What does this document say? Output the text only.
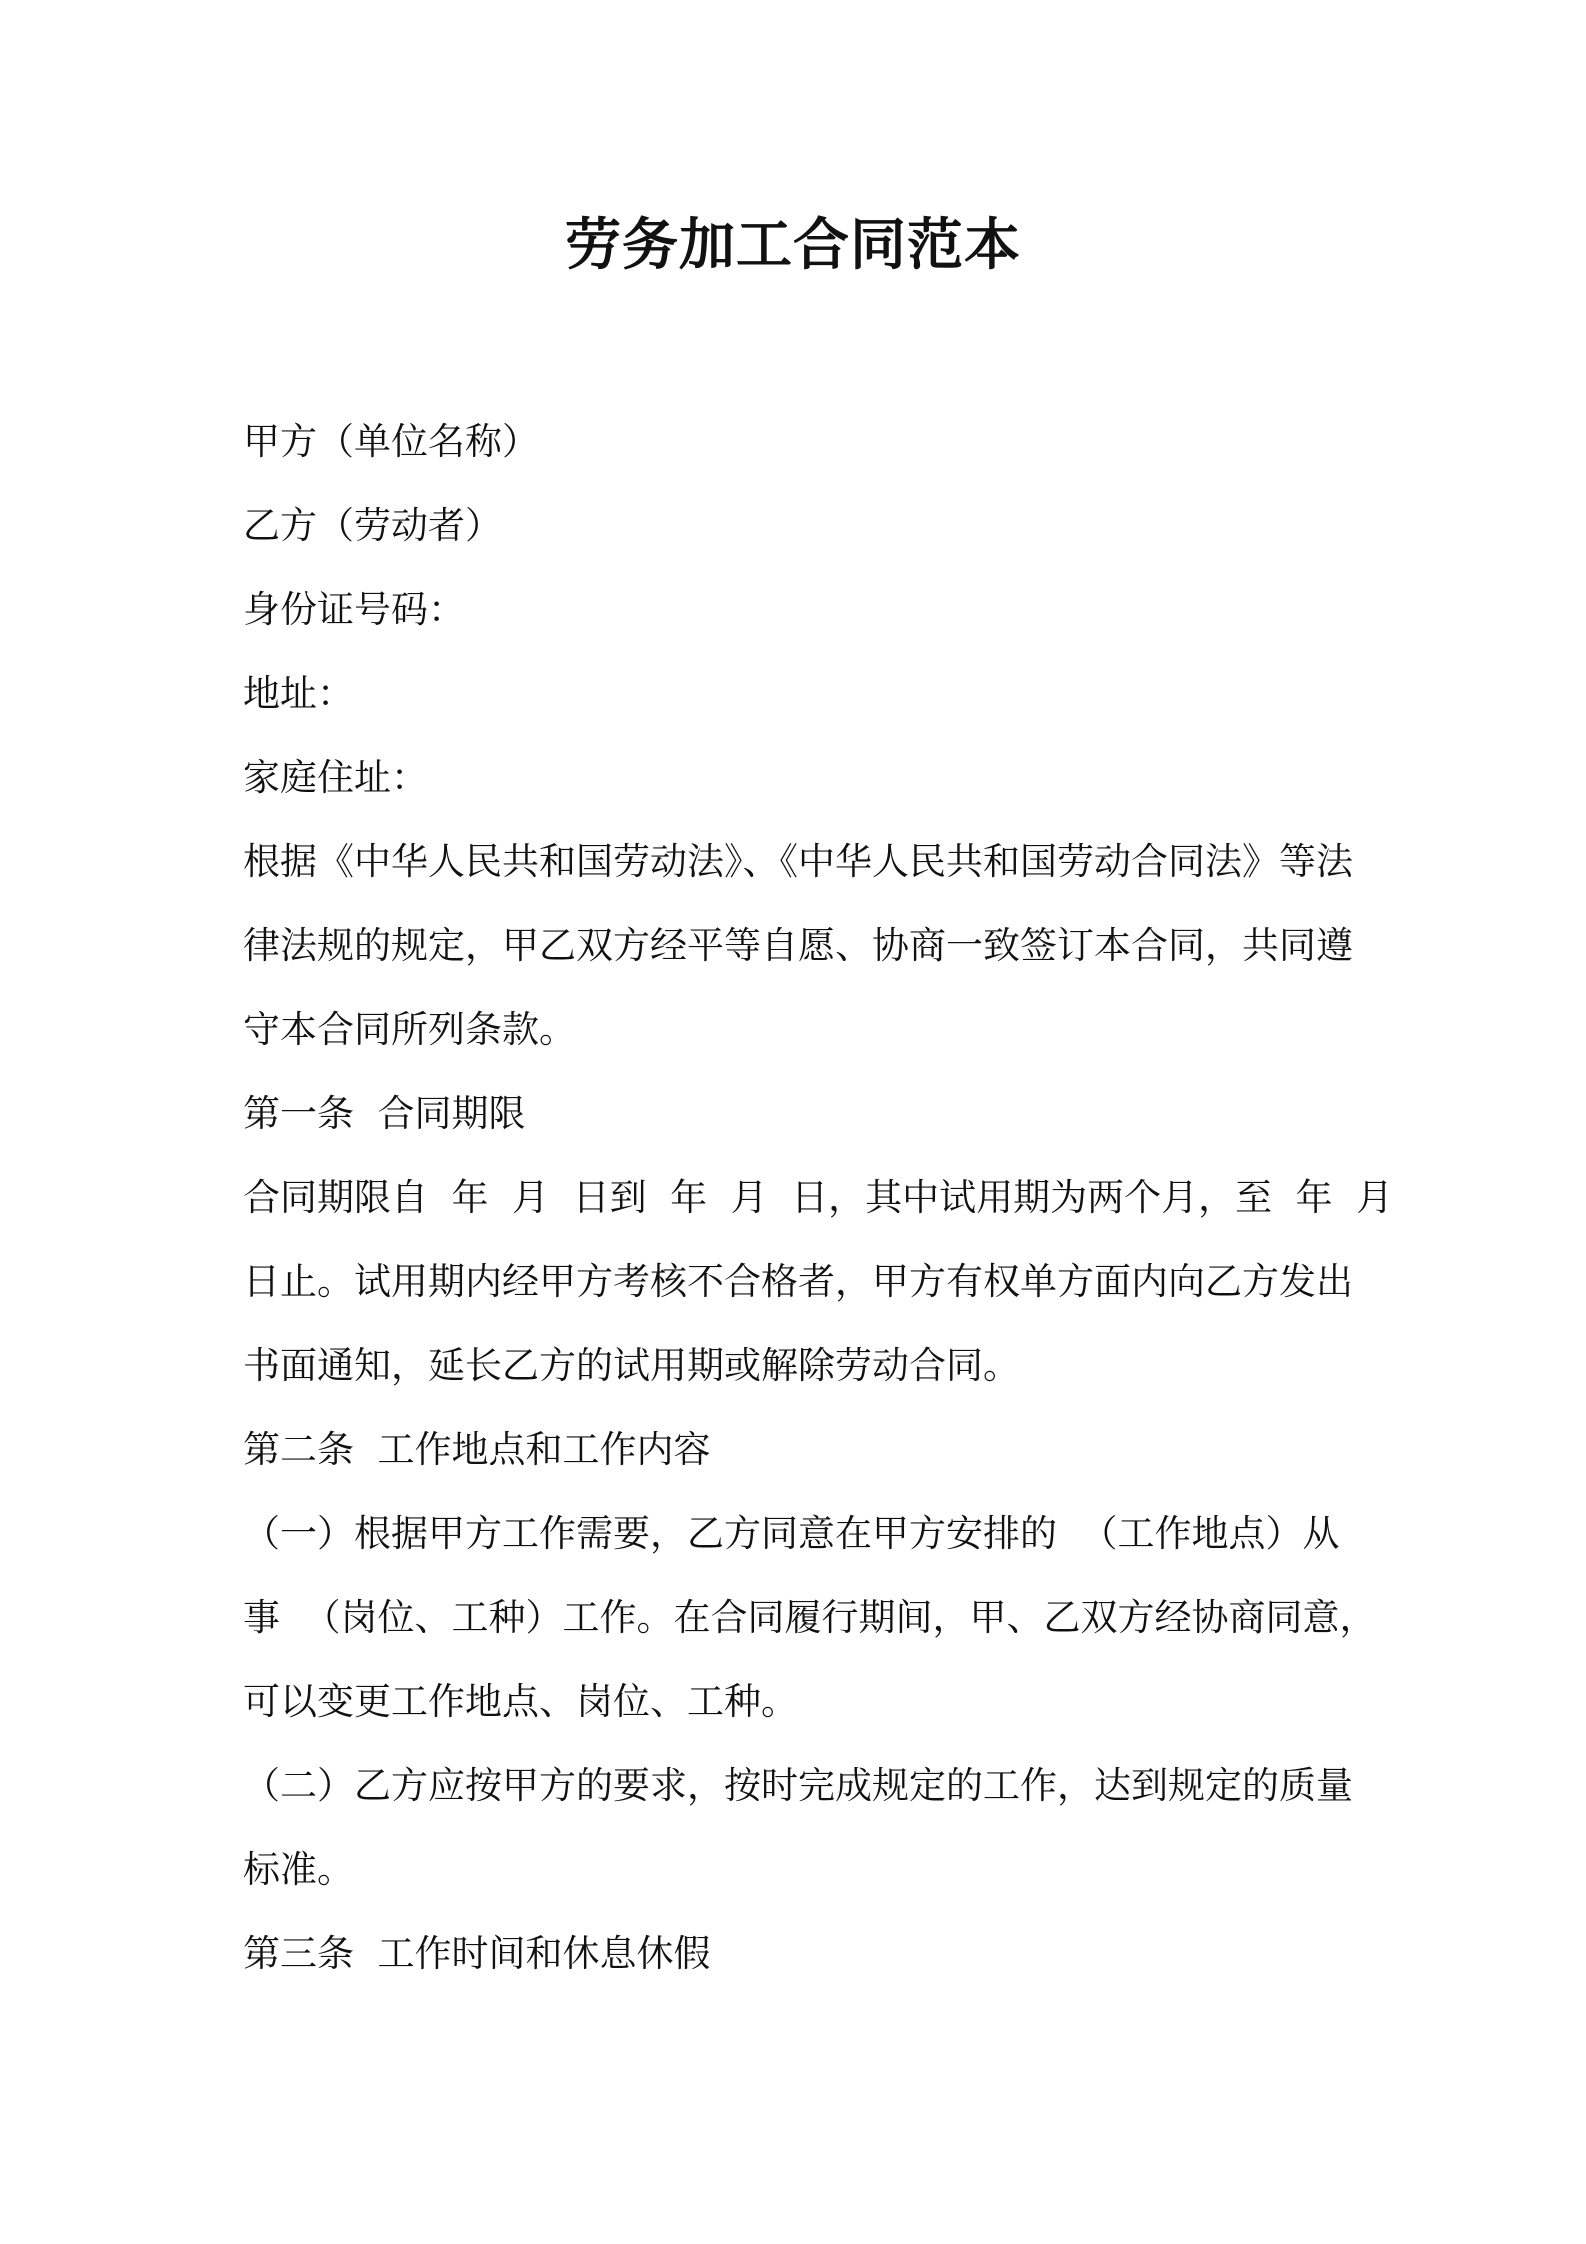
劳务加工合同范本

甲方（单位名称）

乙方（劳动者）

身份证号码：

地址：

家庭住址：

根据《中华人民共和国劳动法》、《中华人民共和国劳动合同法》等法

律法规的规定，甲乙双方经平等自愿、协商一致签订本合同，共同遵

守本合同所列条款。

第一条  合同期限

合同期限自  年  月  日到  年  月  日，其中试用期为两个月，至  年  月

日止。试用期内经甲方考核不合格者，甲方有权单方面内向乙方发出

书面通知，延长乙方的试用期或解除劳动合同。

第二条  工作地点和工作内容

（一）根据甲方工作需要，乙方同意在甲方安排的  （工作地点）从

事  （岗位、工种）工作。在合同履行期间，甲、乙双方经协商同意，

可以变更工作地点、岗位、工种。

（二）乙方应按甲方的要求，按时完成规定的工作，达到规定的质量

标准。

第三条  工作时间和休息休假
